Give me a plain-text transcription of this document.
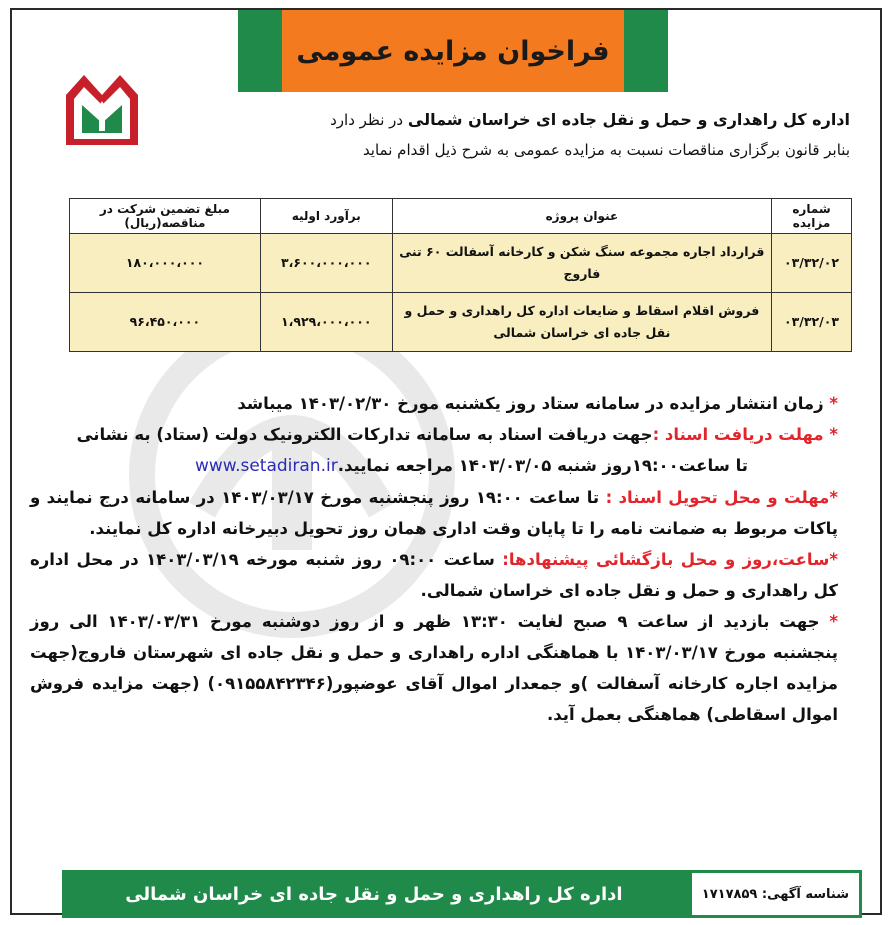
فراخوان مزایده عمومی
اداره کل راهداری و حمل و نقل جاده ای خراسان شمالی در نظر دارد
بنابر قانون برگزاری مناقصات نسبت به مزایده عمومی به شرح ذیل اقدام نماید
شماره مزایده	عنوان پروژه	برآورد اولیه	مبلغ تضمین شرکت در مناقصه(ریال)
۰۳/۳۲/۰۲	قرارداد اجاره مجموعه سنگ شکن و کارخانه آسفالت ۶۰ تنی فاروج	۳،۶۰۰،۰۰۰،۰۰۰	۱۸۰،۰۰۰،۰۰۰
۰۳/۳۲/۰۳	فروش اقلام اسقاط و ضایعات اداره کل راهداری و حمل و نقل جاده ای خراسان شمالی	۱،۹۲۹،۰۰۰،۰۰۰	۹۶،۴۵۰،۰۰۰

* زمان انتشار مزایده در سامانه ستاد روز یکشنبه مورخ ۱۴۰۳/۰۲/۳۰ میباشد

* مهلت دریافت اسناد :جهت دریافت اسناد به سامانه تدارکات الکترونیک دولت (ستاد) به نشانی
www.setadiran.irتا ساعت۱۹:۰۰روز شنبه ۱۴۰۳/۰۳/۰۵ مراجعه نمایید.

*مهلت و محل تحویل اسناد : تا ساعت ۱۹:۰۰ روز پنجشنبه مورخ ۱۴۰۳/۰۳/۱۷ در سامانه درج نمایند و پاکات مربوط به ضمانت نامه را تا پایان وقت اداری همان روز تحویل دبیرخانه اداره کل نمایند.

*ساعت،روز و محل بازگشائی پیشنهادها: ساعت ۰۹:۰۰ روز شنبه مورخه ۱۴۰۳/۰۳/۱۹ در محل اداره کل راهداری و حمل و نقل جاده ای خراسان شمالی.

* جهت بازدید از ساعت ۹ صبح لغایت ۱۳:۳۰ ظهر و از روز دوشنبه مورخ ۱۴۰۳/۰۳/۳۱ الی روز پنجشنبه مورخ ۱۴۰۳/۰۳/۱۷ با هماهنگی اداره راهداری و حمل و نقل جاده ای شهرستان فاروج(جهت مزایده اجاره کارخانه آسفالت )و جمعدار اموال آقای عوضپور(۰۹۱۵۵۸۴۲۳۴۶) (جهت مزایده فروش اموال اسقاطی) هماهنگی بعمل آید.

شناسه آگهی:

۱۷۱۷۸۵۹
اداره کل راهداری و حمل و نقل جاده ای خراسان شمالی
